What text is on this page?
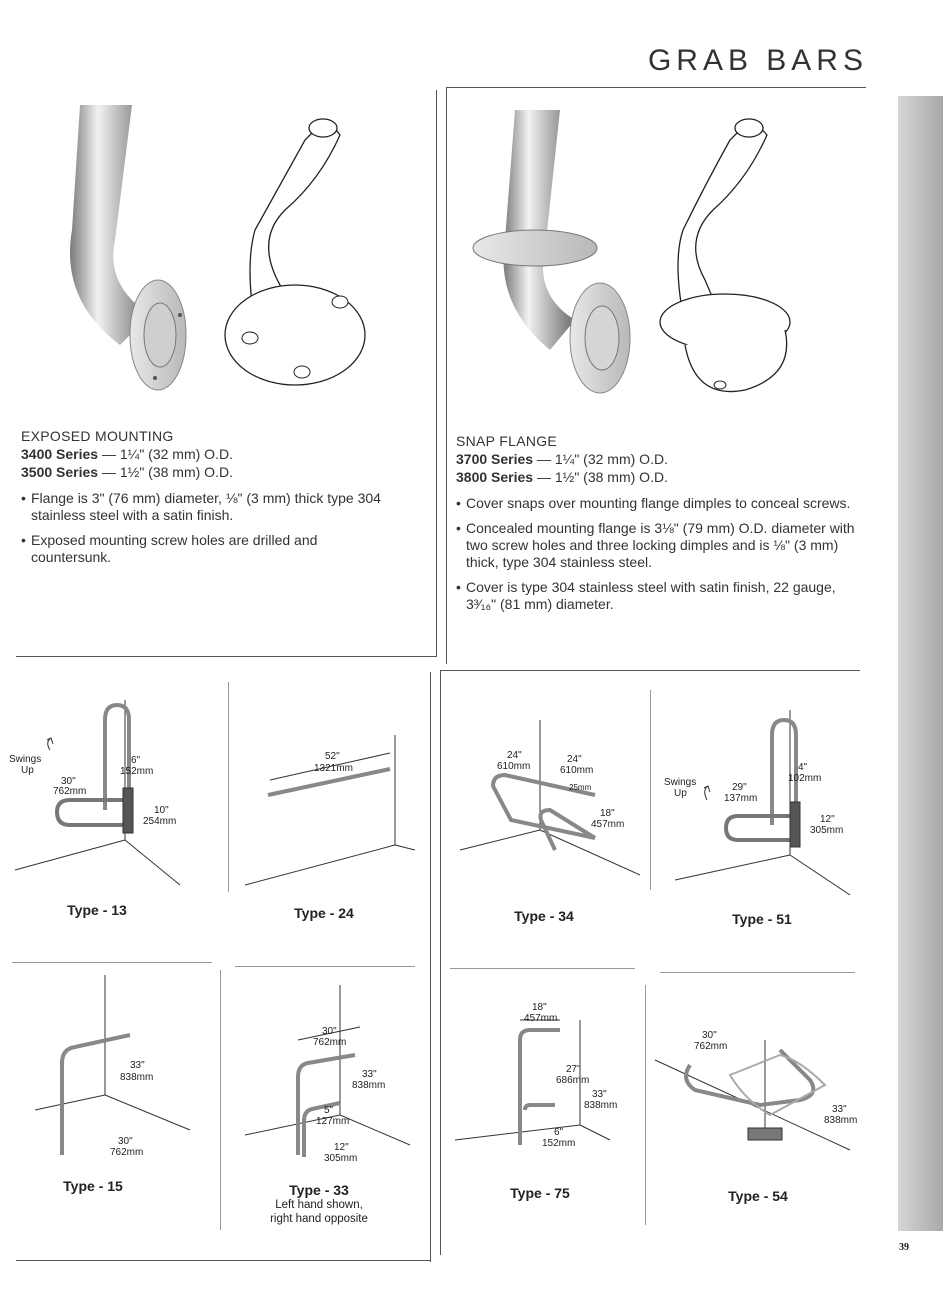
GRAB BARS
39
EXPOSED MOUNTING
3400 Series — 1¼" (32 mm) O.D.
3500 Series — 1½" (38 mm) O.D.
• Flange is 3" (76 mm) diameter, ⅛" (3 mm) thick type 304 stainless steel with a satin finish.
• Exposed mounting screw holes are drilled and countersunk.
SNAP FLANGE
3700 Series — 1¼" (32 mm) O.D.
3800 Series — 1½" (38 mm) O.D.
• Cover snaps over mounting flange dimples to conceal screws.
• Concealed mounting flange is 3⅛" (79 mm) O.D. diameter with two screw holes and three locking dimples and is ⅛" (3 mm) thick, type 304 stainless steel.
• Cover is type 304 stainless steel with satin finish, 22 gauge, 3³⁄₁₆" (81 mm) diameter.
Swings
Up
6"
152mm
30"
762mm
10"
254mm
Type - 13
52"
1321mm
Type - 24
24"
610mm
24"
610mm
25mm
18"
457mm
Type - 34
Swings
Up
4"
102mm
29"
137mm
12"
305mm
Type - 51
33"
838mm
30"
762mm
Type - 15
30"
762mm
33"
838mm
5"
127mm
12"
305mm
Type - 33
Left hand shown,
right hand opposite
18"
457mm
27"
686mm
33"
838mm
6"
152mm
Type - 75
30"
762mm
33"
838mm
Type - 54
